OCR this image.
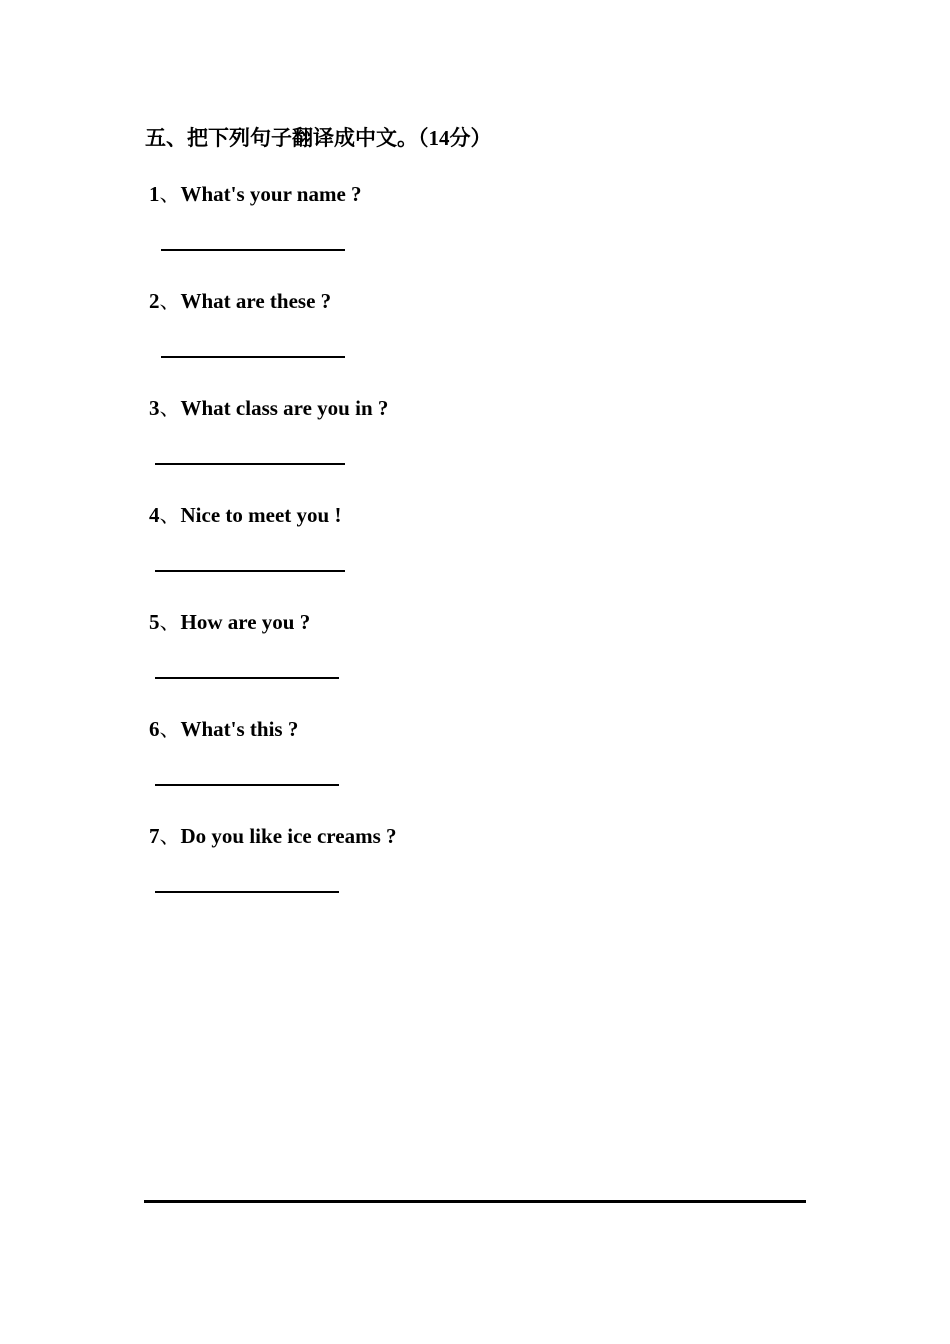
五、把下列句子翻译成中文。（14分）
1、What's your name ?
2、What are these ?
3、What class are you in ?
4、Nice to meet you !
5、How are you ?
6、What's this ?
7、Do you like ice creams ?
